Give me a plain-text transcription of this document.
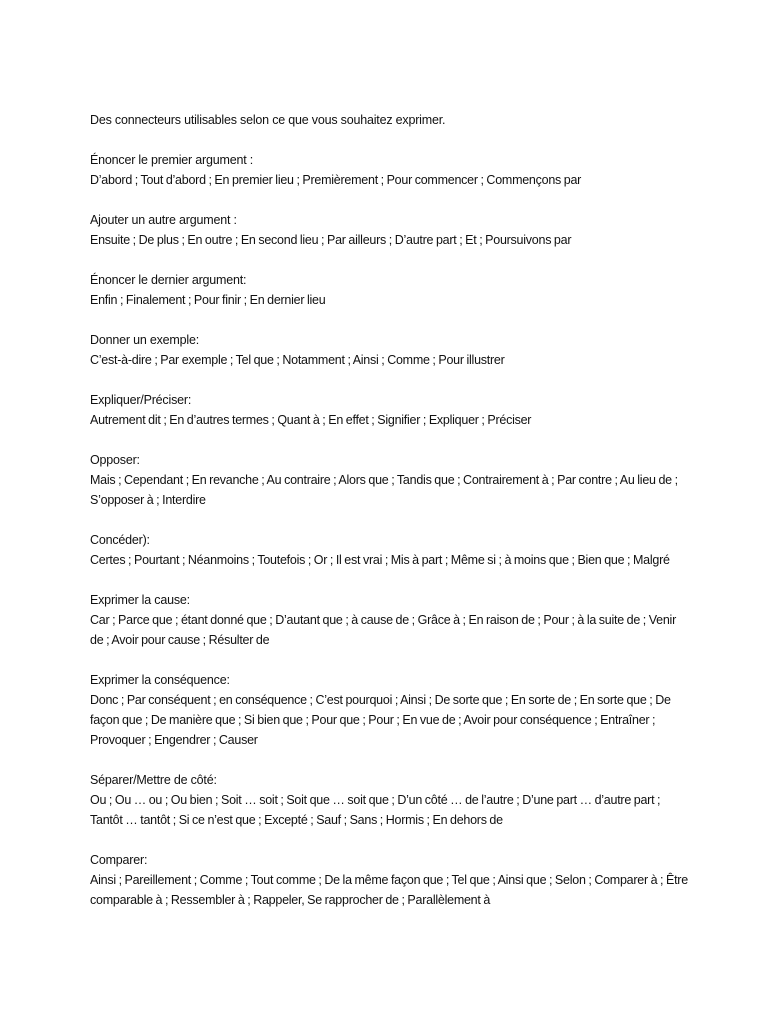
Des connecteurs utilisables selon ce que vous souhaitez exprimer.

Énoncer le premier argument :

D’abord ; Tout d’abord ; En premier lieu ; Premièrement ; Pour commencer ; Commençons par

Ajouter un autre argument :

Ensuite ; De plus ; En outre ; En second lieu ; Par ailleurs ; D’autre part ; Et ; Poursuivons par

Énoncer le dernier argument:

Enfin ; Finalement ; Pour finir ; En dernier lieu

Donner un exemple:

C’est-à-dire ; Par exemple ; Tel que ; Notamment ; Ainsi ; Comme ; Pour illustrer

Expliquer/Préciser:

Autrement dit ; En d’autres termes ; Quant à ; En effet ; Signifier ; Expliquer ; Préciser

Opposer:

Mais ; Cependant ; En revanche ; Au contraire ; Alors que ; Tandis que ; Contrairement à ; Par contre ; Au lieu de ; S’opposer à ; Interdire

Concéder):

Certes ; Pourtant ; Néanmoins ; Toutefois ; Or ; Il est vrai ; Mis à part ; Même si ; à moins que ; Bien que ; Malgré

Exprimer la cause:

Car ; Parce que ; étant donné que ; D’autant que ; à cause de ; Grâce à ; En raison de ; Pour ; à la suite de ; Venir de ; Avoir pour cause ; Résulter de

Exprimer la conséquence:

Donc ; Par conséquent ; en conséquence ; C’est pourquoi ; Ainsi ; De sorte que ; En sorte de ; En sorte que ; De façon que ; De manière que ; Si bien que ; Pour que ; Pour ; En vue de ; Avoir pour conséquence ; Entraîner ; Provoquer ; Engendrer ; Causer

Séparer/Mettre de côté:

Ou ; Ou … ou ; Ou bien ; Soit … soit ; Soit que … soit que ; D’un côté … de l’autre ; D’une part … d’autre part ; Tantôt … tantôt ; Si ce n’est que ; Excepté ; Sauf ; Sans ; Hormis ; En dehors de

Comparer:

Ainsi ; Pareillement ; Comme ; Tout comme ; De la même façon que ; Tel que ; Ainsi que ; Selon ; Comparer à ; Être comparable à ; Ressembler à ; Rappeler, Se rapprocher de ; Parallèlement à
